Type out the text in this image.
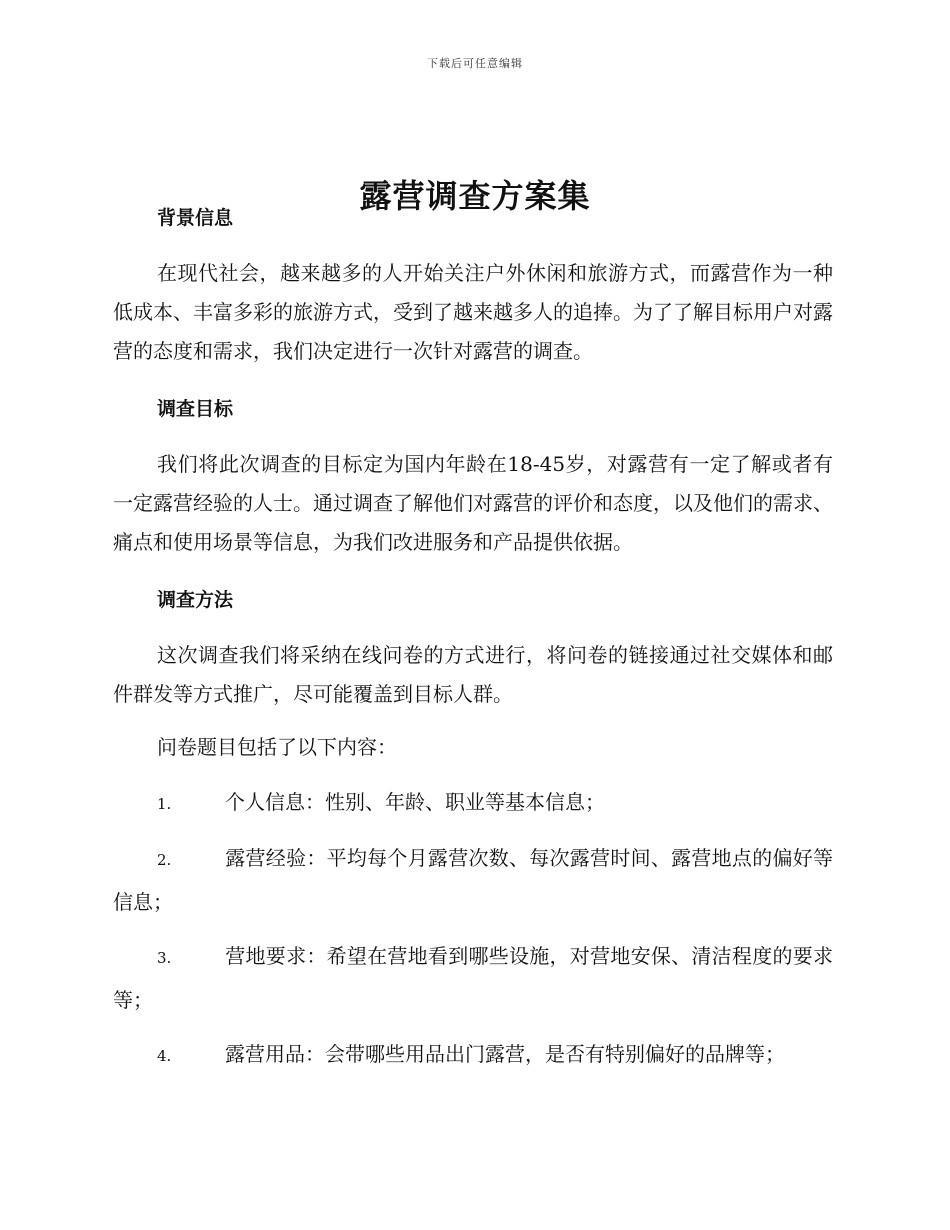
下载后可任意编辑
露营调查方案集
背景信息

在现代社会，越来越多的人开始关注户外休闲和旅游方式，而露营作为一种低成本、丰富多彩的旅游方式，受到了越来越多人的追捧。为了了解目标用户对露营的态度和需求，我们决定进行一次针对露营的调查。

调查目标

我们将此次调查的目标定为国内年龄在18-45岁，对露营有一定了解或者有一定露营经验的人士。通过调查了解他们对露营的评价和态度，以及他们的需求、痛点和使用场景等信息，为我们改进服务和产品提供依据。

调查方法

这次调查我们将采纳在线问卷的方式进行，将问卷的链接通过社交媒体和邮件群发等方式推广，尽可能覆盖到目标人群。

问卷题目包括了以下内容：

1.	个人信息：性别、年龄、职业等基本信息；

2.	露营经验：平均每个月露营次数、每次露营时间、露营地点的偏好等信息；

3.	营地要求：希望在营地看到哪些设施，对营地安保、清洁程度的要求等；

4.	露营用品：会带哪些用品出门露营，是否有特别偏好的品牌等；
